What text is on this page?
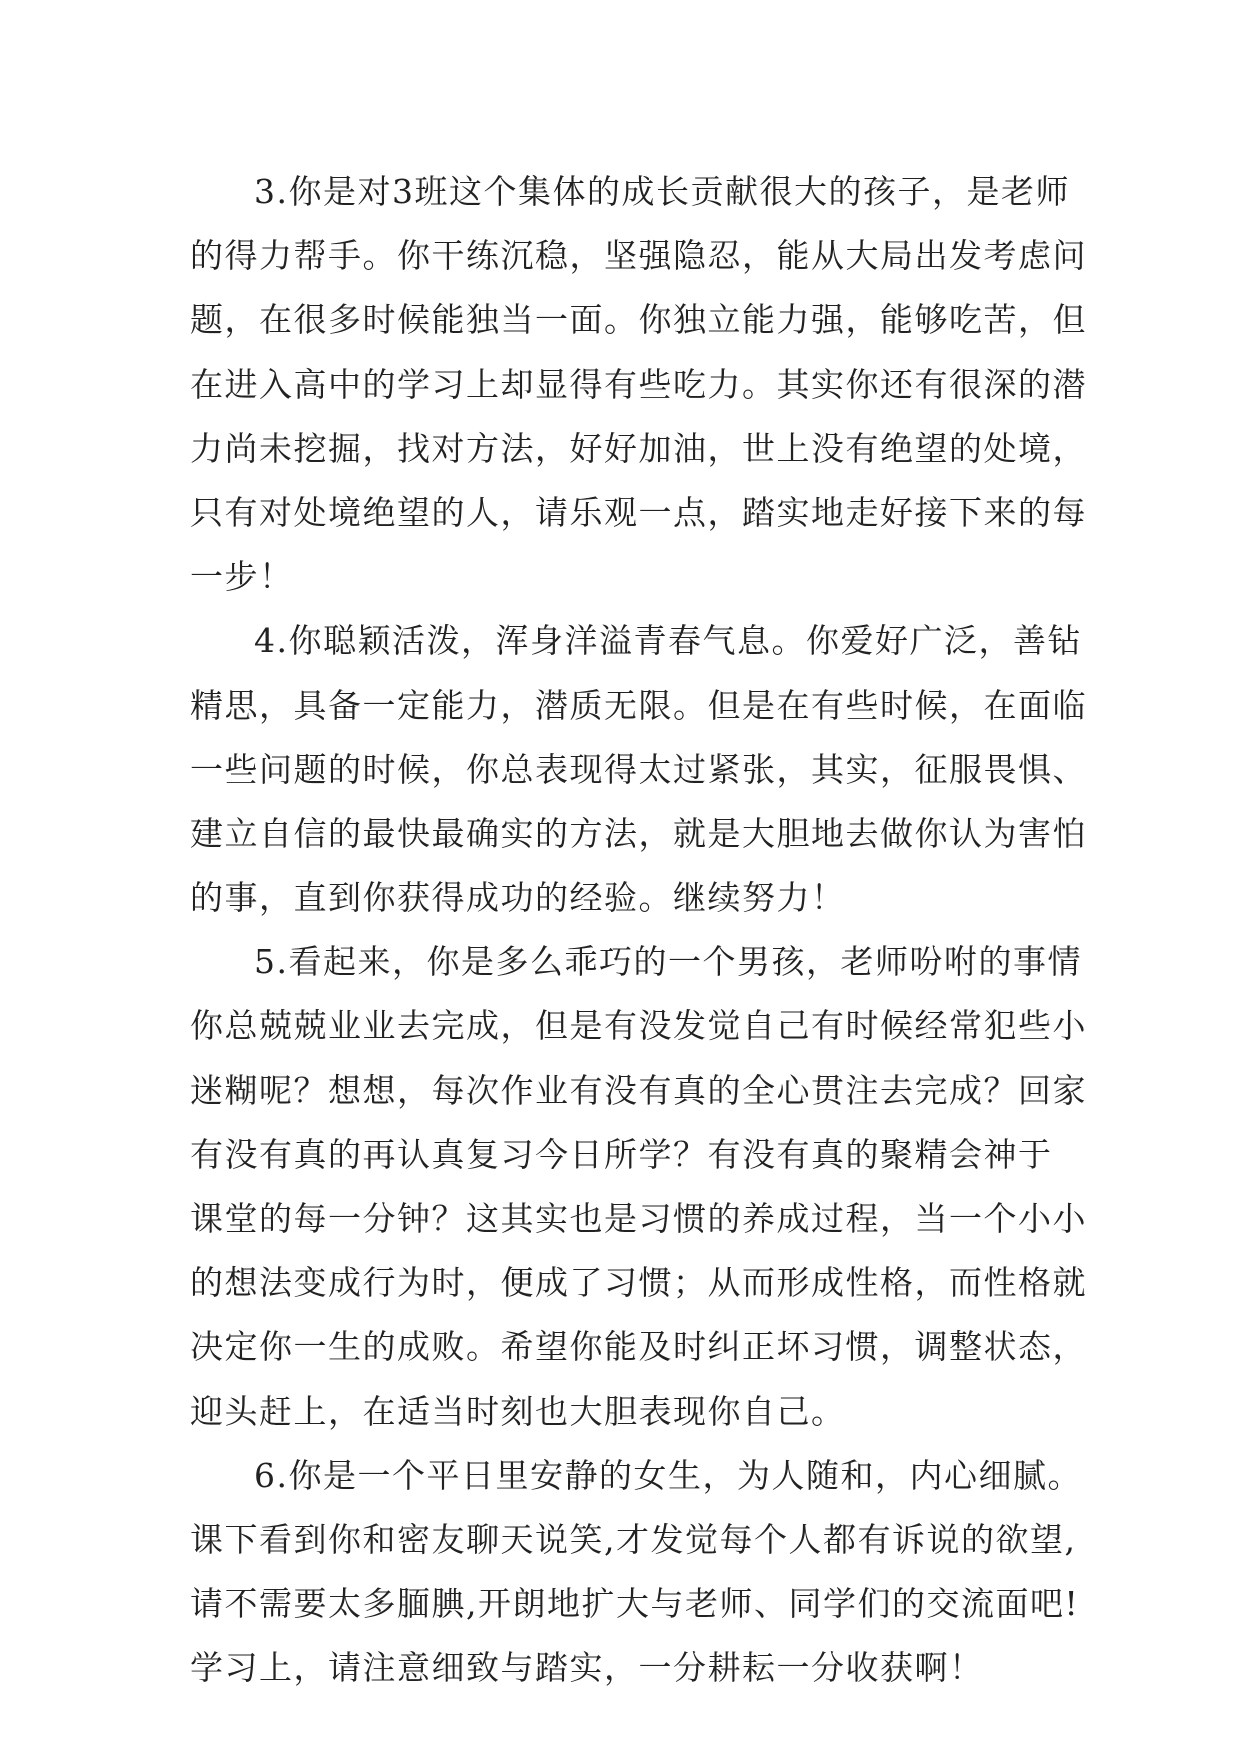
3.你是对3班这个集体的成长贡献很大的孩子，是老师
的得力帮手。你干练沉稳，坚强隐忍，能从大局出发考虑问
题，在很多时候能独当一面。你独立能力强，能够吃苦，但
在进入高中的学习上却显得有些吃力。其实你还有很深的潜
力尚未挖掘，找对方法，好好加油，世上没有绝望的处境，
只有对处境绝望的人，请乐观一点，踏实地走好接下来的每
一步！
4.你聪颖活泼，浑身洋溢青春气息。你爱好广泛，善钻
精思，具备一定能力，潜质无限。但是在有些时候，在面临
一些问题的时候，你总表现得太过紧张，其实，征服畏惧、
建立自信的最快最确实的方法，就是大胆地去做你认为害怕
的事，直到你获得成功的经验。继续努力！
5.看起来，你是多么乖巧的一个男孩，老师吩咐的事情
你总兢兢业业去完成，但是有没发觉自己有时候经常犯些小
迷糊呢？想想，每次作业有没有真的全心贯注去完成？回家
有没有真的再认真复习今日所学？有没有真的聚精会神于
课堂的每一分钟？这其实也是习惯的养成过程，当一个小小
的想法变成行为时，便成了习惯；从而形成性格，而性格就
决定你一生的成败。希望你能及时纠正坏习惯，调整状态，
迎头赶上，在适当时刻也大胆表现你自己。
6.你是一个平日里安静的女生，为人随和，内心细腻。
课下看到你和密友聊天说笑,才发觉每个人都有诉说的欲望,
请不需要太多腼腆,开朗地扩大与老师、同学们的交流面吧!
学习上，请注意细致与踏实，一分耕耘一分收获啊！
